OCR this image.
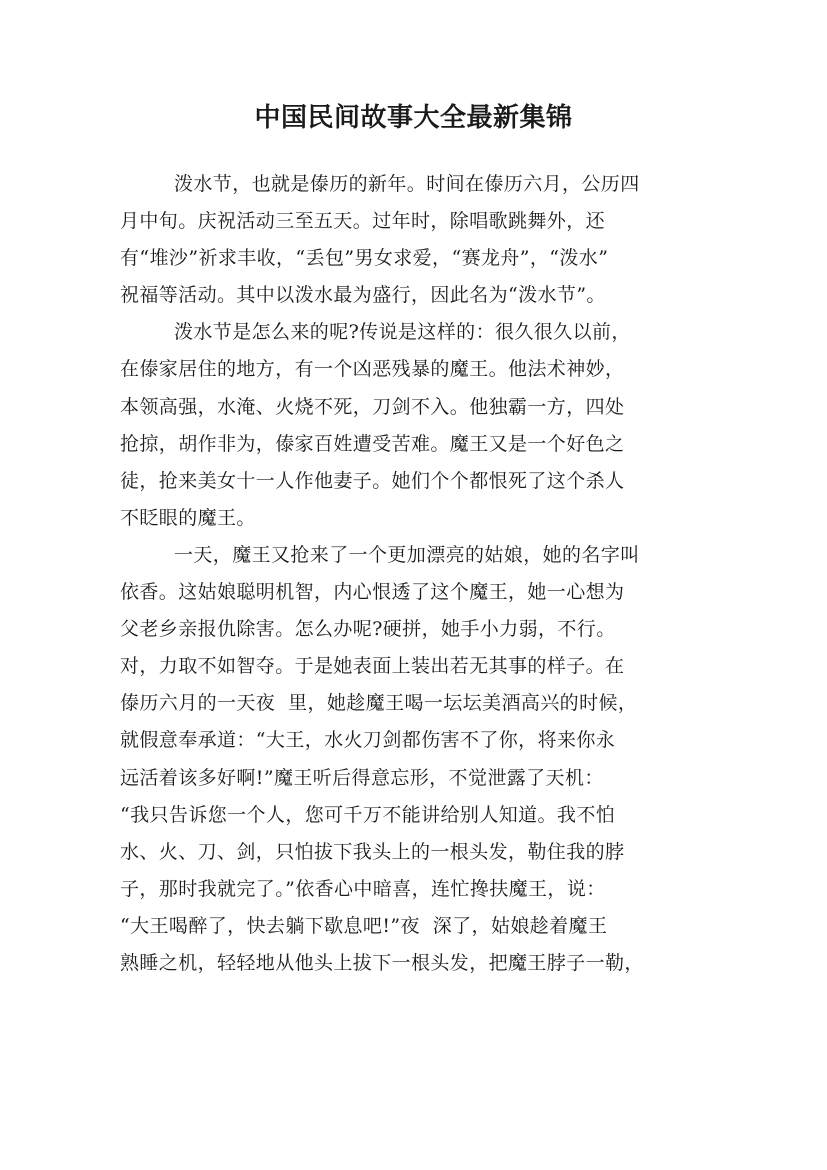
中国民间故事大全最新集锦
泼水节，也就是傣历的新年。时间在傣历六月，公历四
月中旬。庆祝活动三至五天。过年时，除唱歌跳舞外，还
有“堆沙”祈求丰收，“丢包”男女求爱，“赛龙舟”，“泼水”
祝福等活动。其中以泼水最为盛行，因此名为“泼水节”。
泼水节是怎么来的呢?传说是这样的：很久很久以前，
在傣家居住的地方，有一个凶恶残暴的魔王。他法术神妙，
本领高强，水淹、火烧不死，刀剑不入。他独霸一方，四处
抢掠，胡作非为，傣家百姓遭受苦难。魔王又是一个好色之
徒，抢来美女十一人作他妻子。她们个个都恨死了这个杀人
不眨眼的魔王。
一天，魔王又抢来了一个更加漂亮的姑娘，她的名字叫
依香。这姑娘聪明机智，内心恨透了这个魔王，她一心想为
父老乡亲报仇除害。怎么办呢?硬拼，她手小力弱，不行。
对，力取不如智夺。于是她表面上装出若无其事的样子。在
傣历六月的一天夜  里，她趁魔王喝一坛坛美酒高兴的时候，
就假意奉承道：“大王，水火刀剑都伤害不了你，将来你永
远活着该多好啊!”魔王听后得意忘形，不觉泄露了天机：
“我只告诉您一个人，您可千万不能讲给别人知道。我不怕
水、火、刀、剑，只怕拔下我头上的一根头发，勒住我的脖
子，那时我就完了。”依香心中暗喜，连忙搀扶魔王，说：
“大王喝醉了，快去躺下歇息吧!”夜  深了，姑娘趁着魔王
熟睡之机，轻轻地从他头上拔下一根头发，把魔王脖子一勒，
